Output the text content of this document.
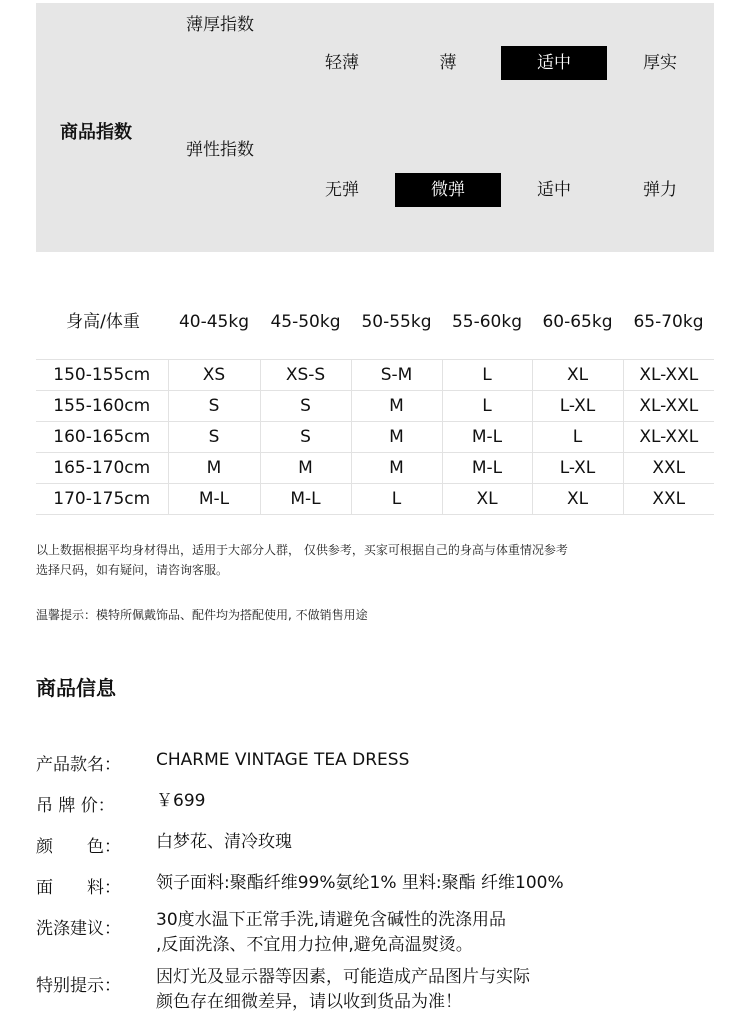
商品指数
薄厚指数
轻薄	薄	适中	厚实
弹性指数
无弹	微弹	适中	弹力
身高/体重	40-45kg	45-50kg	50-55kg	55-60kg	60-65kg	65-70kg
150-155cm	XS	XS-S	S-M	L	XL	XL-XXL
155-160cm	S	S	M	L	L-XL	XL-XXL
160-165cm	S	S	M	M-L	L	XL-XXL
165-170cm	M	M	M	M-L	L-XL	XXL
170-175cm	M-L	M-L	L	XL	XL	XXL
以上数据根据平均身材得出，适用于大部分人群， 仅供参考，买家可根据自己的身高与体重情况参考
选择尺码，如有疑问，请咨询客服。
温馨提示：模特所佩戴饰品、配件均为搭配使用, 不做销售用途
商品信息
产品款名： CHARME VINTAGE TEA DRESS
吊 牌 价： ￥699
颜　　色： 白梦花、清冷玫瑰
面　　料： 领子面料:聚酯纤维99%氨纶1% 里料:聚酯 纤维100%
洗涤建议： 30度水温下正常手洗,请避免含碱性的洗涤用品
,反面洗涤、不宜用力拉伸,避免高温熨烫。
特别提示： 因灯光及显示器等因素，可能造成产品图片与实际
颜色存在细微差异，请以收到货品为准！
